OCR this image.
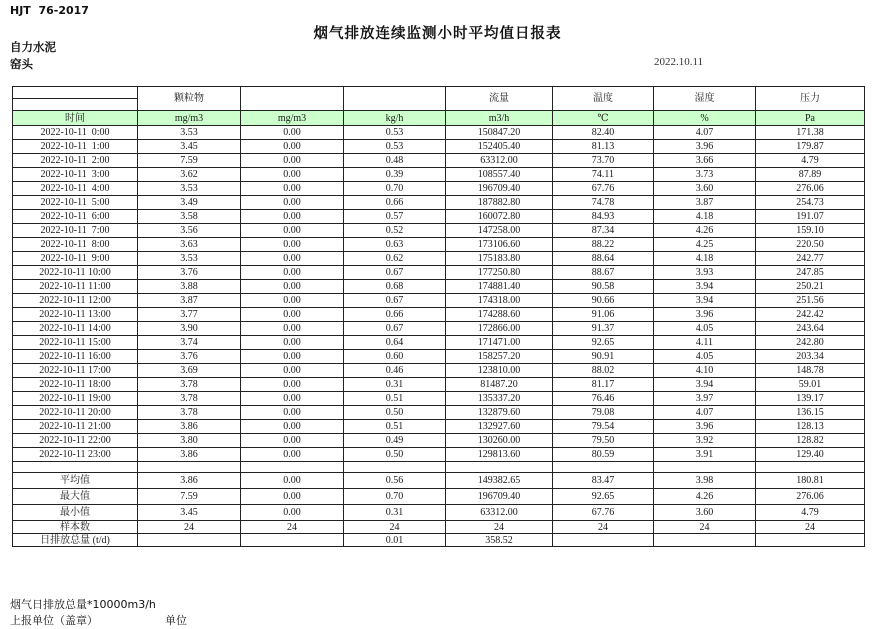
HJT  76-2017
烟气排放连续监测小时平均值日报表
自力水泥
窑头	2022.10.11
	颗粒物			流量	温度	湿度	压力

时间	mg/m3	mg/m3	kg/h	m3/h	℃	%	Pa
2022-10-11  0:00	3.53	0.00	0.53	150847.20	82.40	4.07	171.38
2022-10-11  1:00	3.45	0.00	0.53	152405.40	81.13	3.96	179.87
2022-10-11  2:00	7.59	0.00	0.48	63312.00	73.70	3.66	4.79
2022-10-11  3:00	3.62	0.00	0.39	108557.40	74.11	3.73	87.89
2022-10-11  4:00	3.53	0.00	0.70	196709.40	67.76	3.60	276.06
2022-10-11  5:00	3.49	0.00	0.66	187882.80	74.78	3.87	254.73
2022-10-11  6:00	3.58	0.00	0.57	160072.80	84.93	4.18	191.07
2022-10-11  7:00	3.56	0.00	0.52	147258.00	87.34	4.26	159.10
2022-10-11  8:00	3.63	0.00	0.63	173106.60	88.22	4.25	220.50
2022-10-11  9:00	3.53	0.00	0.62	175183.80	88.64	4.18	242.77
2022-10-11 10:00	3.76	0.00	0.67	177250.80	88.67	3.93	247.85
2022-10-11 11:00	3.88	0.00	0.68	174881.40	90.58	3.94	250.21
2022-10-11 12:00	3.87	0.00	0.67	174318.00	90.66	3.94	251.56
2022-10-11 13:00	3.77	0.00	0.66	174288.60	91.06	3.96	242.42
2022-10-11 14:00	3.90	0.00	0.67	172866.00	91.37	4.05	243.64
2022-10-11 15:00	3.74	0.00	0.64	171471.00	92.65	4.11	242.80
2022-10-11 16:00	3.76	0.00	0.60	158257.20	90.91	4.05	203.34
2022-10-11 17:00	3.69	0.00	0.46	123810.00	88.02	4.10	148.78
2022-10-11 18:00	3.78	0.00	0.31	81487.20	81.17	3.94	59.01
2022-10-11 19:00	3.78	0.00	0.51	135337.20	76.46	3.97	139.17
2022-10-11 20:00	3.78	0.00	0.50	132879.60	79.08	4.07	136.15
2022-10-11 21:00	3.86	0.00	0.51	132927.60	79.54	3.96	128.13
2022-10-11 22:00	3.80	0.00	0.49	130260.00	79.50	3.92	128.82
2022-10-11 23:00	3.86	0.00	0.50	129813.60	80.59	3.91	129.40

平均值	3.86	0.00	0.56	149382.65	83.47	3.98	180.81
最大值	7.59	0.00	0.70	196709.40	92.65	4.26	276.06
最小值	3.45	0.00	0.31	63312.00	67.76	3.60	4.79
样本数	24	24	24	24	24	24	24
日排放总量 (t/d)			0.01	358.52			
烟气日排放总量*10000m3/h
上报单位（盖章）	单位
